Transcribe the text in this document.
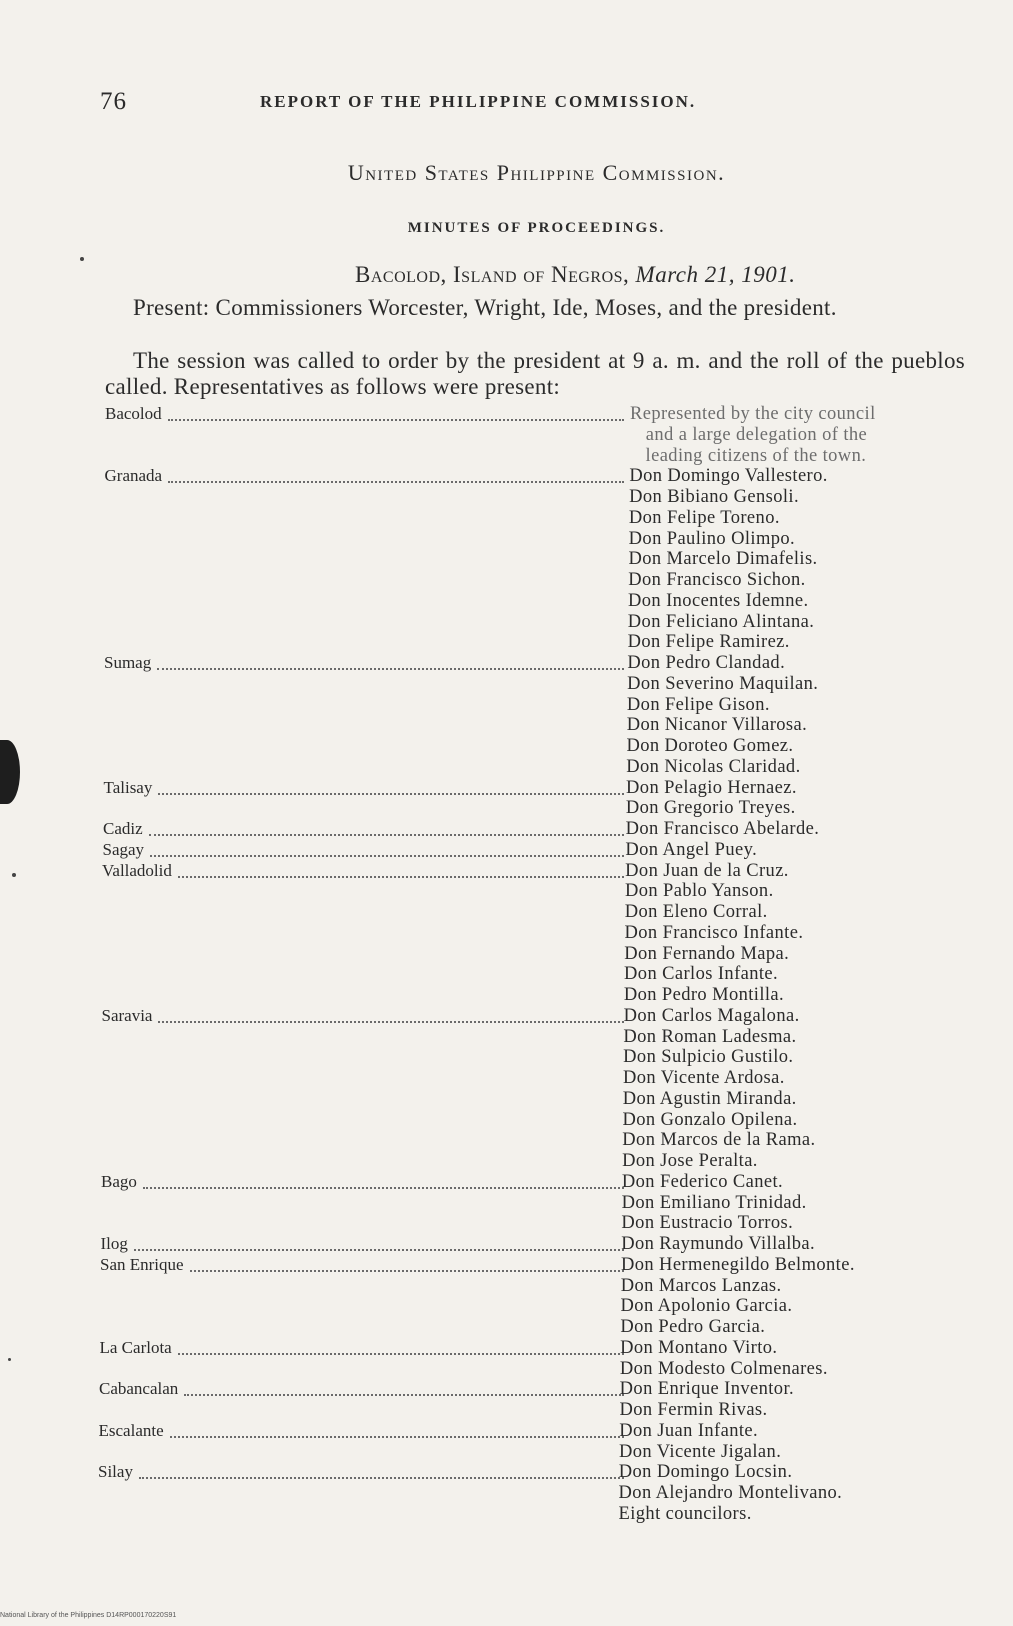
76	REPORT OF THE PHILIPPINE COMMISSION.
United States Philippine Commission.
MINUTES OF PROCEEDINGS.
Bacolod, Island of Negros, March 21, 1901.
Present: Commissioners Worcester, Wright, Ide, Moses, and the president.
The session was called to order by the president at 9 a. m. and the roll of the pueblos called. Representatives as follows were present:
Bacolod	Represented by the city council
and a large delegation of the
leading citizens of the town.
Granada	Don Domingo Vallestero.
Don Bibiano Gensoli.
Don Felipe Toreno.
Don Paulino Olimpo.
Don Marcelo Dimafelis.
Don Francisco Sichon.
Don Inocentes Idemne.
Don Feliciano Alintana.
Don Felipe Ramirez.
Sumag	Don Pedro Clandad.
Don Severino Maquilan.
Don Felipe Gison.
Don Nicanor Villarosa.
Don Doroteo Gomez.
Don Nicolas Claridad.
Talisay	Don Pelagio Hernaez.
Don Gregorio Treyes.
Cadiz	Don Francisco Abelarde.
Sagay	Don Angel Puey.
Valladolid	Don Juan de la Cruz.
Don Pablo Yanson.
Don Eleno Corral.
Don Francisco Infante.
Don Fernando Mapa.
Don Carlos Infante.
Don Pedro Montilla.
Saravia	Don Carlos Magalona.
Don Roman Ladesma.
Don Sulpicio Gustilo.
Don Vicente Ardosa.
Don Agustin Miranda.
Don Gonzalo Opilena.
Don Marcos de la Rama.
Don Jose Peralta.
Bago	Don Federico Canet.
Don Emiliano Trinidad.
Don Eustracio Torros.
Ilog	Don Raymundo Villalba.
San Enrique	Don Hermenegildo Belmonte.
Don Marcos Lanzas.
Don Apolonio Garcia.
Don Pedro Garcia.
La Carlota	Don Montano Virto.
Don Modesto Colmenares.
Cabancalan	Don Enrique Inventor.
Don Fermin Rivas.
Escalante	Don Juan Infante.
Don Vicente Jigalan.
Silay	Don Domingo Locsin.
Don Alejandro Montelivano.
Eight councilors.
National Library of the Philippines D14RP000170220S91
